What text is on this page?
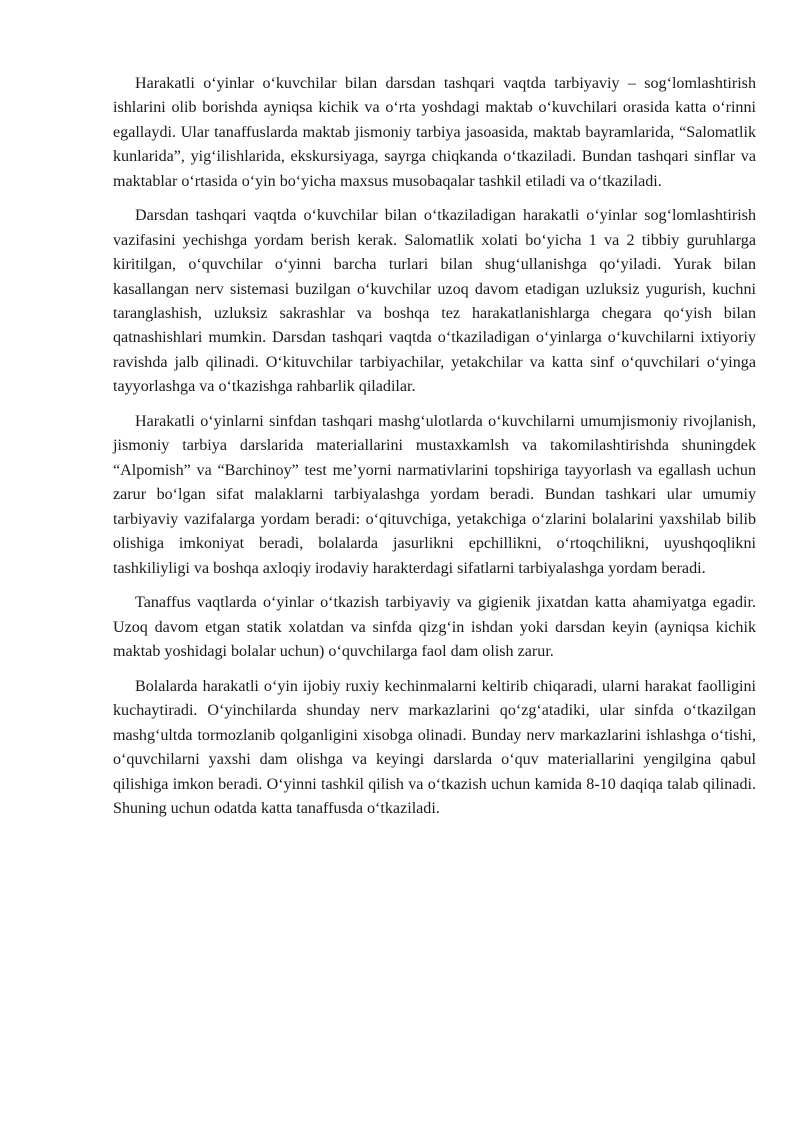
Harakatli o‘yinlar o‘kuvchilar bilan darsdan tashqari vaqtda tarbiyaviy – sog‘lomlashtirish ishlarini olib borishda ayniqsa kichik va o‘rta yoshdagi maktab o‘kuvchilari orasida katta o‘rinni egallaydi. Ular tanaffuslarda maktab jismoniy tarbiya jasoasida, maktab bayramlarida, “Salomatlik kunlarida”, yig‘ilishlarida, ekskursiyaga, sayrga chiqkanda o‘tkaziladi. Bundan tashqari sinflar va maktablar o‘rtasida o‘yin bo‘yicha maxsus musobaqalar tashkil etiladi va o‘tkaziladi.

Darsdan tashqari vaqtda o‘kuvchilar bilan o‘tkaziladigan harakatli o‘yinlar sog‘lomlashtirish vazifasini yechishga yordam berish kerak. Salomatlik xolati bo‘yicha 1 va 2 tibbiy guruhlarga kiritilgan, o‘quvchilar o‘yinni barcha turlari bilan shug‘ullanishga qo‘yiladi. Yurak bilan kasallangan nerv sistemasi buzilgan o‘kuvchilar uzoq davom etadigan uzluksiz yugurish, kuchni taranglashish, uzluksiz sakrashlar va boshqa tez harakatlanishlarga chegara qo‘yish bilan qatnashishlari mumkin. Darsdan tashqari vaqtda o‘tkaziladigan o‘yinlarga o‘kuvchilarni ixtiyoriy ravishda jalb qilinadi. O‘kituvchilar tarbiyachilar, yetakchilar va katta sinf o‘quvchilari o‘yinga tayyorlashga va o‘tkazishga rahbarlik qiladilar.

Harakatli o‘yinlarni sinfdan tashqari mashg‘ulotlarda o‘kuvchilarni umumjismoniy rivojlanish, jismoniy tarbiya darslarida materiallarini mustaxkamlsh va takomilashtirishda shuningdek “Alpomish” va “Barchinoy” test me’yorni narmativlarini topshiriga tayyorlash va egallash uchun zarur bo‘lgan sifat malaklarni tarbiyalashga yordam beradi. Bundan tashkari ular umumiy tarbiyaviy vazifalarga yordam beradi: o‘qituvchiga, yetakchiga o‘zlarini bolalarini yaxshilab bilib olishiga imkoniyat beradi, bolalarda jasurlikni epchillikni, o‘rtoqchilikni, uyushqoqlikni tashkiliyligi va boshqa axloqiy irodaviy harakterdagi sifatlarni tarbiyalashga yordam beradi.

Tanaffus vaqtlarda o‘yinlar o‘tkazish tarbiyaviy va gigienik jixatdan katta ahamiyatga egadir. Uzoq davom etgan statik xolatdan va sinfda qizg‘in ishdan yoki darsdan keyin (ayniqsa kichik maktab yoshidagi bolalar uchun) o‘quvchilarga faol dam olish zarur.

Bolalarda harakatli o‘yin ijobiy ruxiy kechinmalarni keltirib chiqaradi, ularni harakat faolligini kuchaytiradi. O‘yinchilarda shunday nerv markazlarini qo‘zg‘atadiki, ular sinfda o‘tkazilgan mashg‘ultda tormozlanib qolganligini xisobga olinadi. Bunday nerv markazlarini ishlashga o‘tishi, o‘quvchilarni yaxshi dam olishga va keyingi darslarda o‘quv materiallarini yengilgina qabul qilishiga imkon beradi. O‘yinni tashkil qilish va o‘tkazish uchun kamida 8-10 daqiqa talab qilinadi. Shuning uchun odatda katta tanaffusda o‘tkaziladi.
